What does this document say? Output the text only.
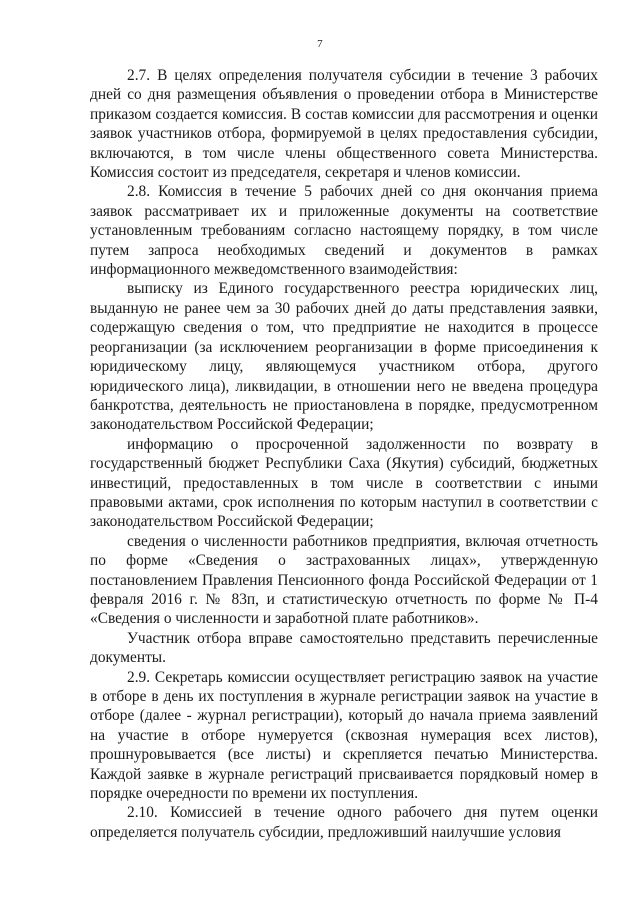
7

2.7. В целях определения получателя субсидии в течение 3 рабочих дней со дня размещения объявления о проведении отбора в Министерстве приказом создается комиссия. В состав комиссии для рассмотрения и оценки заявок участников отбора, формируемой в целях предоставления субсидии, включаются, в том числе члены общественного совета Министерства. Комиссия состоит из председателя, секретаря и членов комиссии.

2.8. Комиссия в течение 5 рабочих дней со дня окончания приема заявок рассматривает их и приложенные документы на соответствие установленным требованиям согласно настоящему порядку, в том числе путем запроса необходимых сведений и документов в рамках информационного межведомственного взаимодействия:

выписку из Единого государственного реестра юридических лиц, выданную не ранее чем за 30 рабочих дней до даты представления заявки, содержащую сведения о том, что предприятие не находится в процессе реорганизации (за исключением реорганизации в форме присоединения к юридическому лицу, являющемуся участником отбора, другого юридического лица), ликвидации, в отношении него не введена процедура банкротства, деятельность не приостановлена в порядке, предусмотренном законодательством Российской Федерации;

информацию о просроченной задолженности по возврату в государственный бюджет Республики Саха (Якутия) субсидий, бюджетных инвестиций, предоставленных в том числе в соответствии с иными правовыми актами, срок исполнения по которым наступил в соответствии с законодательством Российской Федерации;

сведения о численности работников предприятия, включая отчетность по форме «Сведения о застрахованных лицах», утвержденную постановлением Правления Пенсионного фонда Российской Федерации от 1 февраля 2016 г. № 83п, и статистическую отчетность по форме № П-4 «Сведения о численности и заработной плате работников».

Участник отбора вправе самостоятельно представить перечисленные документы.

2.9. Секретарь комиссии осуществляет регистрацию заявок на участие в отборе в день их поступления в журнале регистрации заявок на участие в отборе (далее - журнал регистрации), который до начала приема заявлений на участие в отборе нумеруется (сквозная нумерация всех листов), прошнуровывается (все листы) и скрепляется печатью Министерства. Каждой заявке в журнале регистраций присваивается порядковый номер в порядке очередности по времени их поступления.

2.10. Комиссией в течение одного рабочего дня путем оценки определяется получатель субсидии, предложивший наилучшие условия
